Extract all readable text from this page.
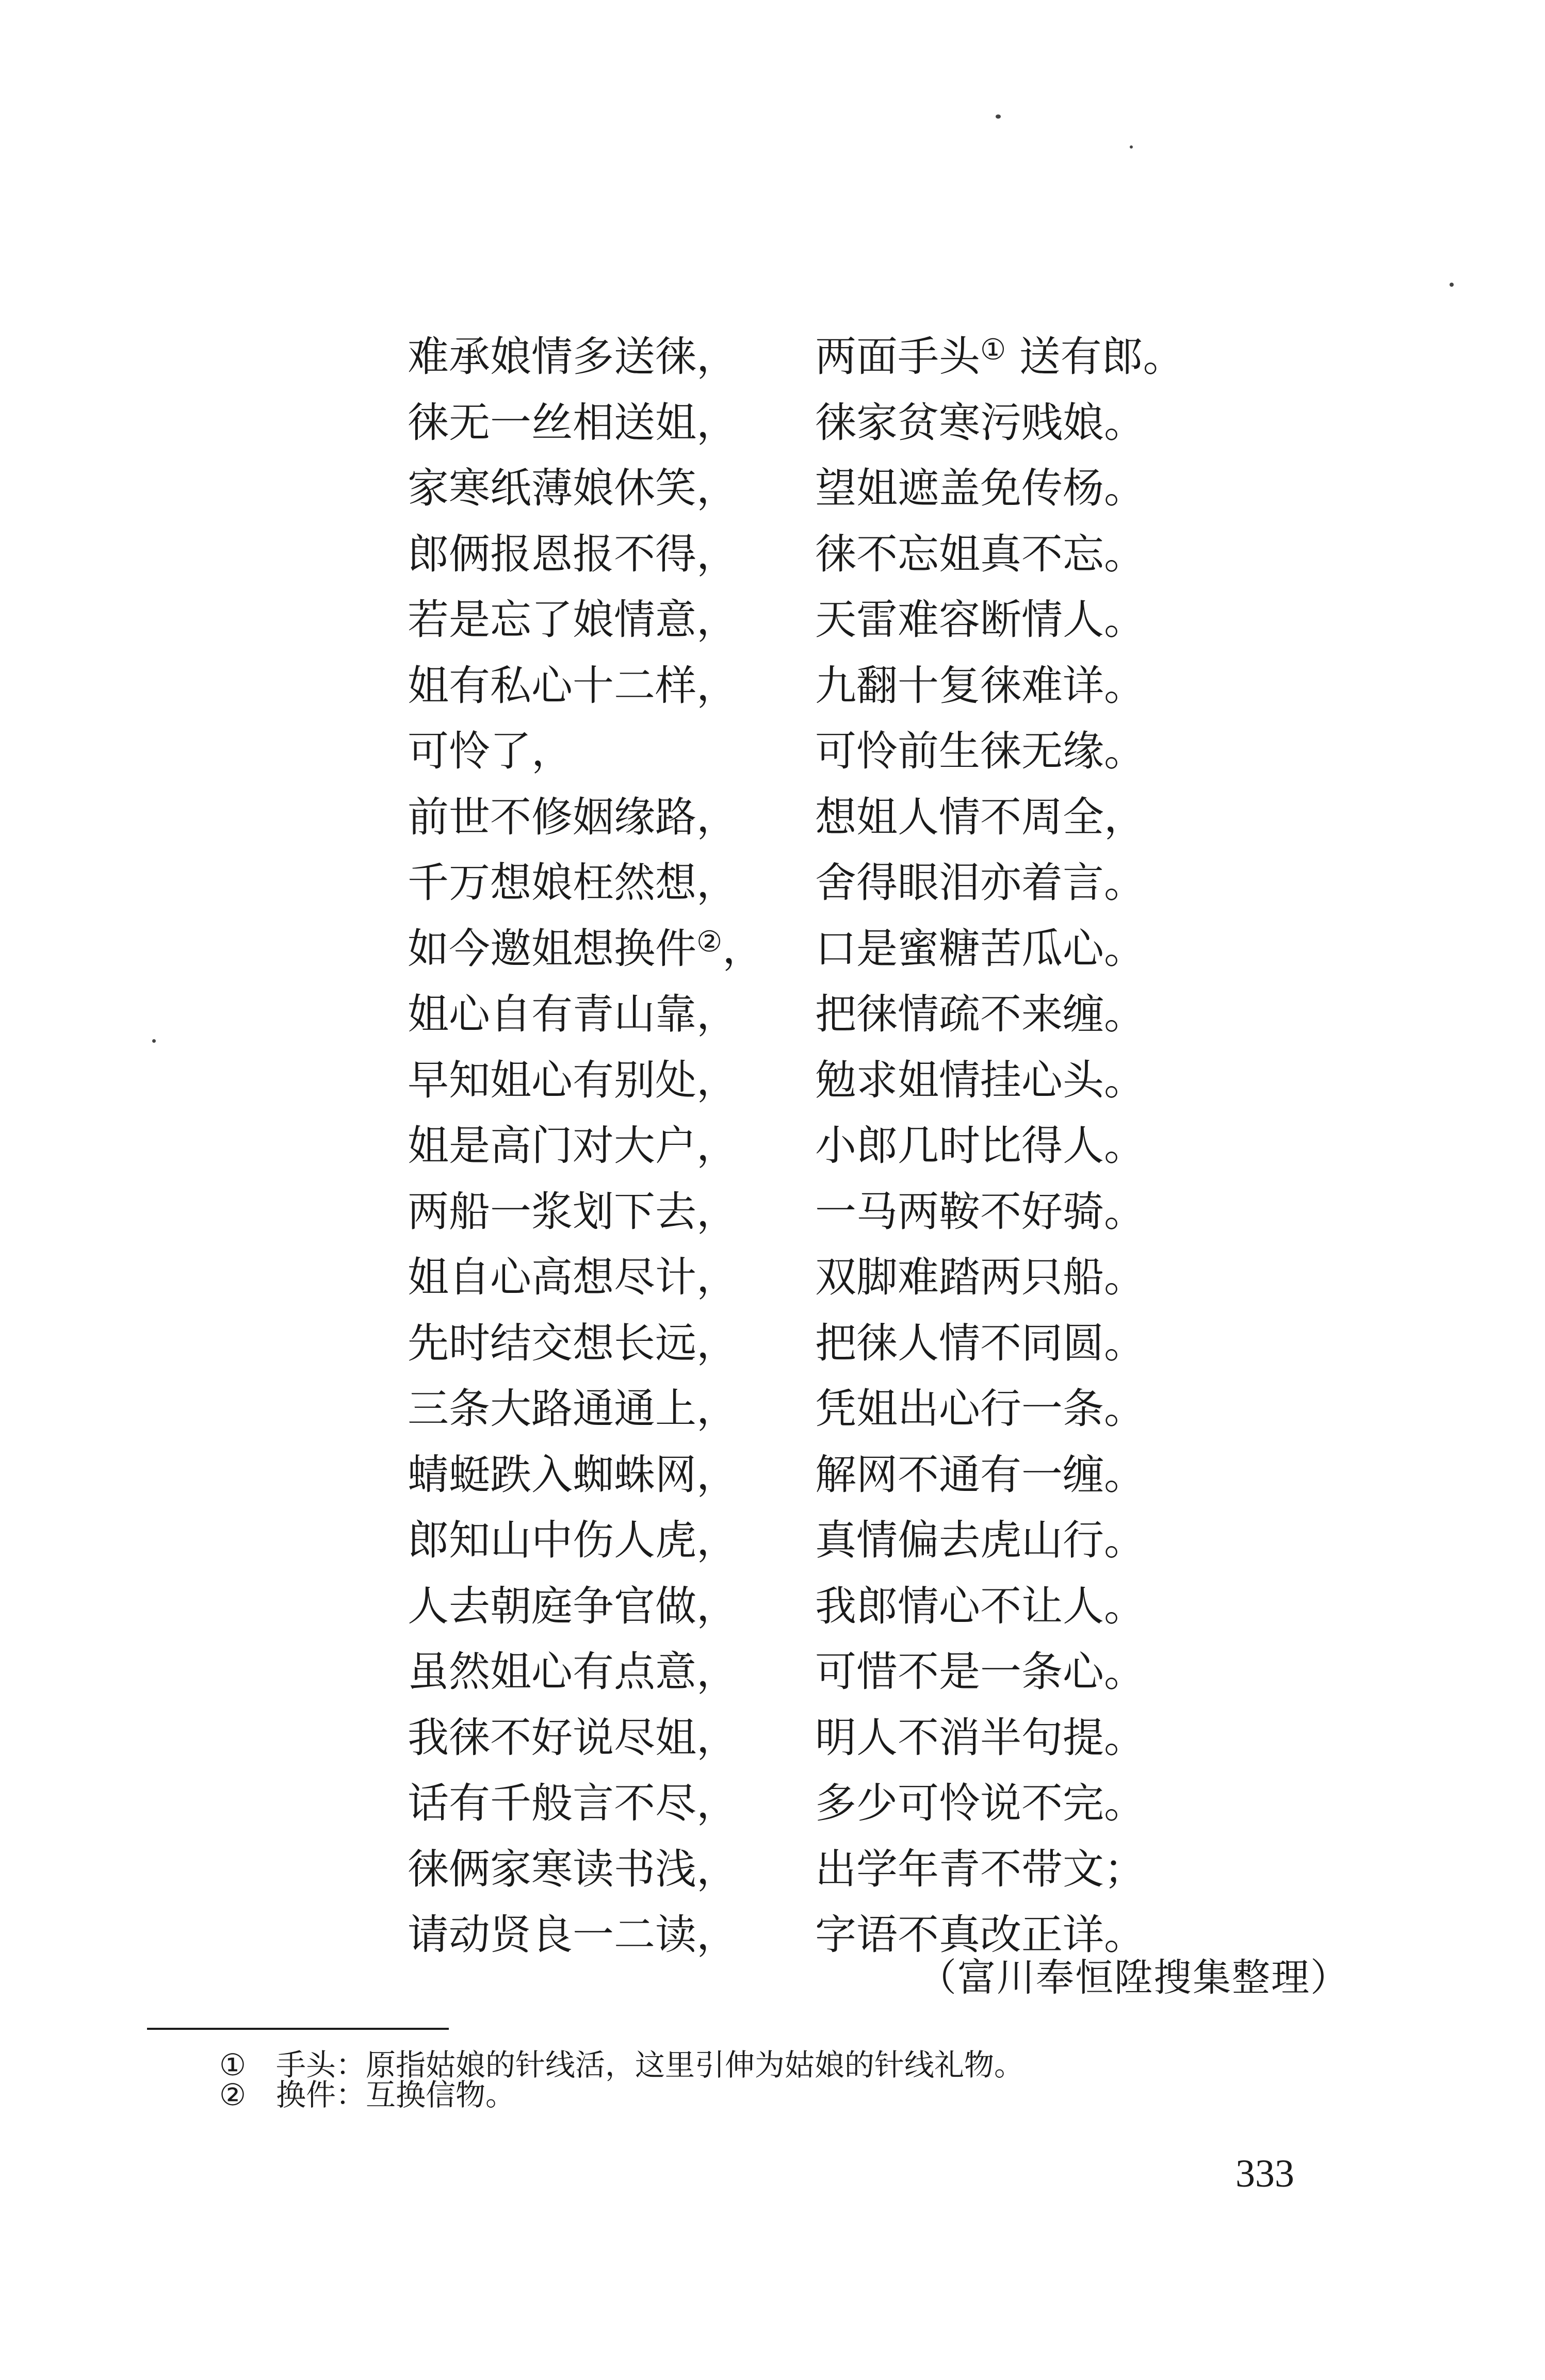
难承娘情多送徕， 两面手头① 送有郎。
徕无一丝相送姐， 徕家贫寒污贱娘。
家寒纸薄娘休笑， 望姐遮盖免传杨。
郎俩报恩报不得， 徕不忘姐真不忘。
若是忘了娘情意， 天雷难容断情人。
姐有私心十二样， 九翻十复徕难详。
可怜了，	可怜前生徕无缘。
前世不修姻缘路， 想姐人情不周全，
千万想娘枉然想， 舍得眼泪亦着言。
如今邀姐想换件②， 口是蜜糖苦瓜心。
姐心自有青山靠， 把徕情疏不来缠。
早知姐心有别处， 勉求姐情挂心头。
姐是高门对大户， 小郎几时比得人。
两船一浆划下去， 一马两鞍不好骑。
姐自心高想尽计， 双脚难踏两只船。
先时结交想长远， 把徕人情不同圆。
三条大路通通上， 凭姐出心行一条。
蜻蜓跌入蜘蛛网， 解网不通有一缠。
郎知山中伤人虎， 真情偏去虎山行。
人去朝庭争官做， 我郎情心不让人。
虽然姐心有点意， 可惜不是一条心。
我徕不好说尽姐， 明人不消半句提。
话有千般言不尽， 多少可怜说不完。
徕俩家寒读书浅， 出学年青不带文；
请动贤良一二读， 字语不真改正详。
（富川奉恒陞搜集整理）
① 手头：原指姑娘的针线活，这里引伸为姑娘的针线礼物。
② 换件：互换信物。
333
